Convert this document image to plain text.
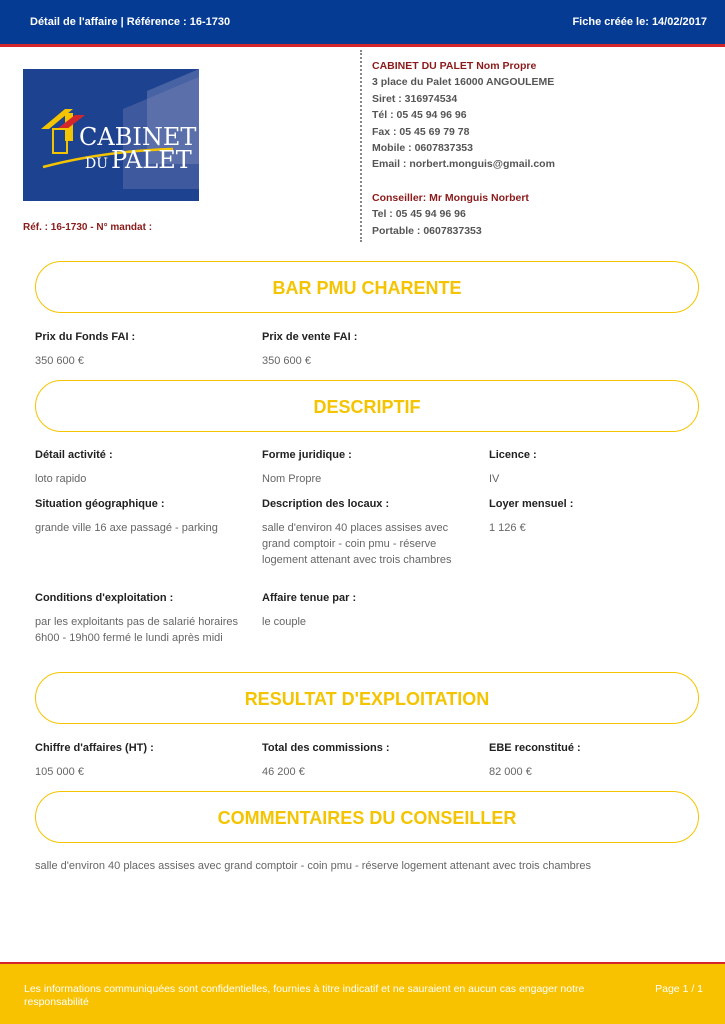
Détail de l'affaire | Référence : 16-1730	Fiche créée le: 14/02/2017
CABINET
DU PALET
Réf. : 16-1730 - N° mandat :
CABINET DU PALET Nom Propre
3 place du Palet 16000 ANGOULEME
Siret : 316974534
Tél : 05 45 94 96 96
Fax : 05 45 69 79 78
Mobile : 0607837353
Email : norbert.monguis@gmail.com
Conseiller: Mr Monguis Norbert
Tel : 05 45 94 96 96
Portable : 0607837353
BAR PMU CHARENTE
Prix du Fonds FAI :
350 600 €
Prix de vente FAI :
350 600 €
DESCRIPTIF
Détail activité :
loto rapido
Forme juridique :
Nom Propre
Licence :
IV
Situation géographique :
grande ville 16 axe passagé - parking
Description des locaux :
salle d'environ 40 places assises avec grand comptoir - coin pmu - réserve logement attenant avec trois chambres
Loyer mensuel :
1 126 €
Conditions d'exploitation :
par les exploitants pas de salarié horaires 6h00 - 19h00 fermé le lundi après midi
Affaire tenue par :
le couple
RESULTAT D'EXPLOITATION
Chiffre d'affaires (HT) :
105 000 €
Total des commissions :
46 200 €
EBE reconstitué :
82 000 €
COMMENTAIRES DU CONSEILLER
salle d'environ 40 places assises avec grand comptoir - coin pmu - réserve logement attenant avec trois chambres
Les informations communiquées sont confidentielles, fournies à titre indicatif et ne sauraient en aucun cas engager notre responsabilité
Page 1 / 1
